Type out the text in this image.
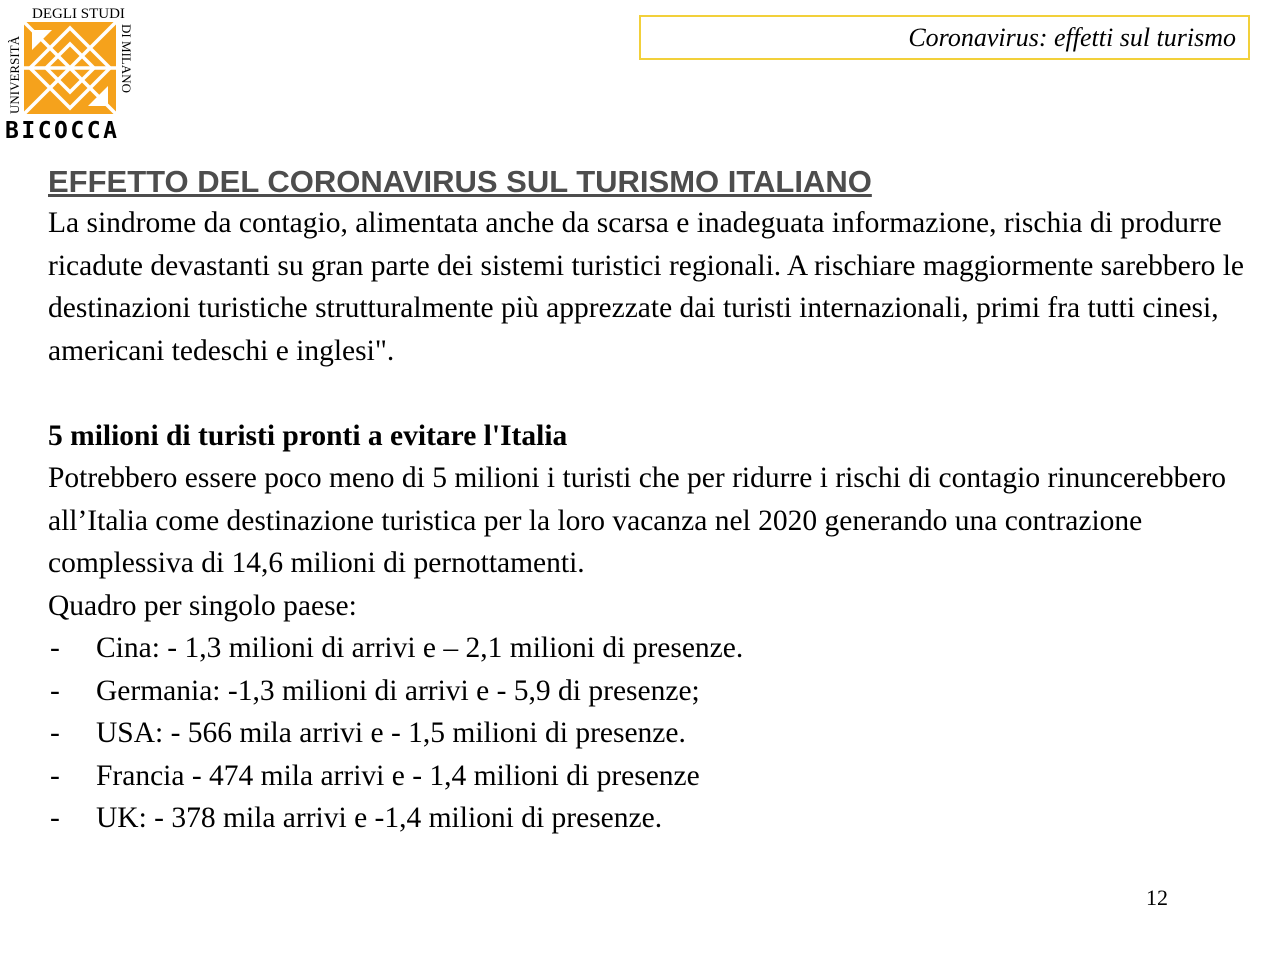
DEGLI STUDI
UNIVERSITÀ	DI MILANO
BICOCCA
Coronavirus: effetti sul turismo
EFFETTO DEL CORONAVIRUS SUL TURISMO ITALIANO

La sindrome da contagio, alimentata anche da scarsa e inadeguata informazione, rischia di produrre ricadute devastanti su gran parte dei sistemi turistici regionali. A rischiare maggiormente sarebbero le destinazioni turistiche strutturalmente più apprezzate dai turisti internazionali, primi fra tutti cinesi, americani tedeschi e inglesi".

5 milioni di turisti pronti a evitare l'Italia

Potrebbero essere poco meno di 5 milioni i turisti che per ridurre i rischi di contagio rinuncerebbero all’Italia come destinazione turistica per la loro vacanza nel 2020 generando una contrazione complessiva di 14,6 milioni di pernottamenti.

Quadro per singolo paese:
- Cina: - 1,3 milioni di arrivi e – 2,1 milioni di presenze.
- Germania: -1,3 milioni di arrivi e - 5,9 di presenze;
- USA: - 566 mila arrivi e - 1,5 milioni di presenze.
- Francia - 474 mila arrivi e - 1,4 milioni di presenze
- UK: - 378 mila arrivi e -1,4 milioni di presenze.
12
